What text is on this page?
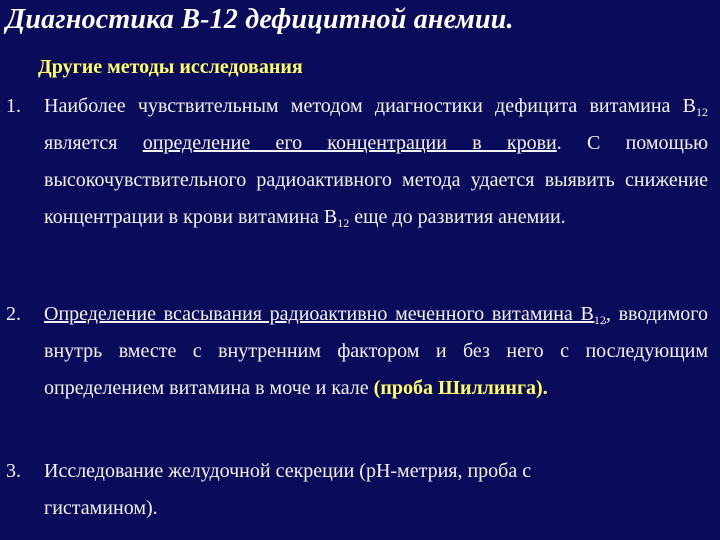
Диагностика В-12 дефицитной анемии.
Другие методы исследования
1. Наиболее чувствительным методом диагностики дефицита витамина $В_{12}$ является определение его концентрации в крови. С помощью высокочувствительного радиоактивного метода удается выявить снижение концентрации в крови витамина $В_{12}$ еще до развития анемии.
2. Определение всасывания радиоактивно меченного витамина $В_{12}$, вводимого внутрь вместе с внутренним фактором и без него с последующим определением витамина в моче и кале (проба Шиллинга).
3. Исследование желудочной секреции (рН-метрия, проба с гистамином).
